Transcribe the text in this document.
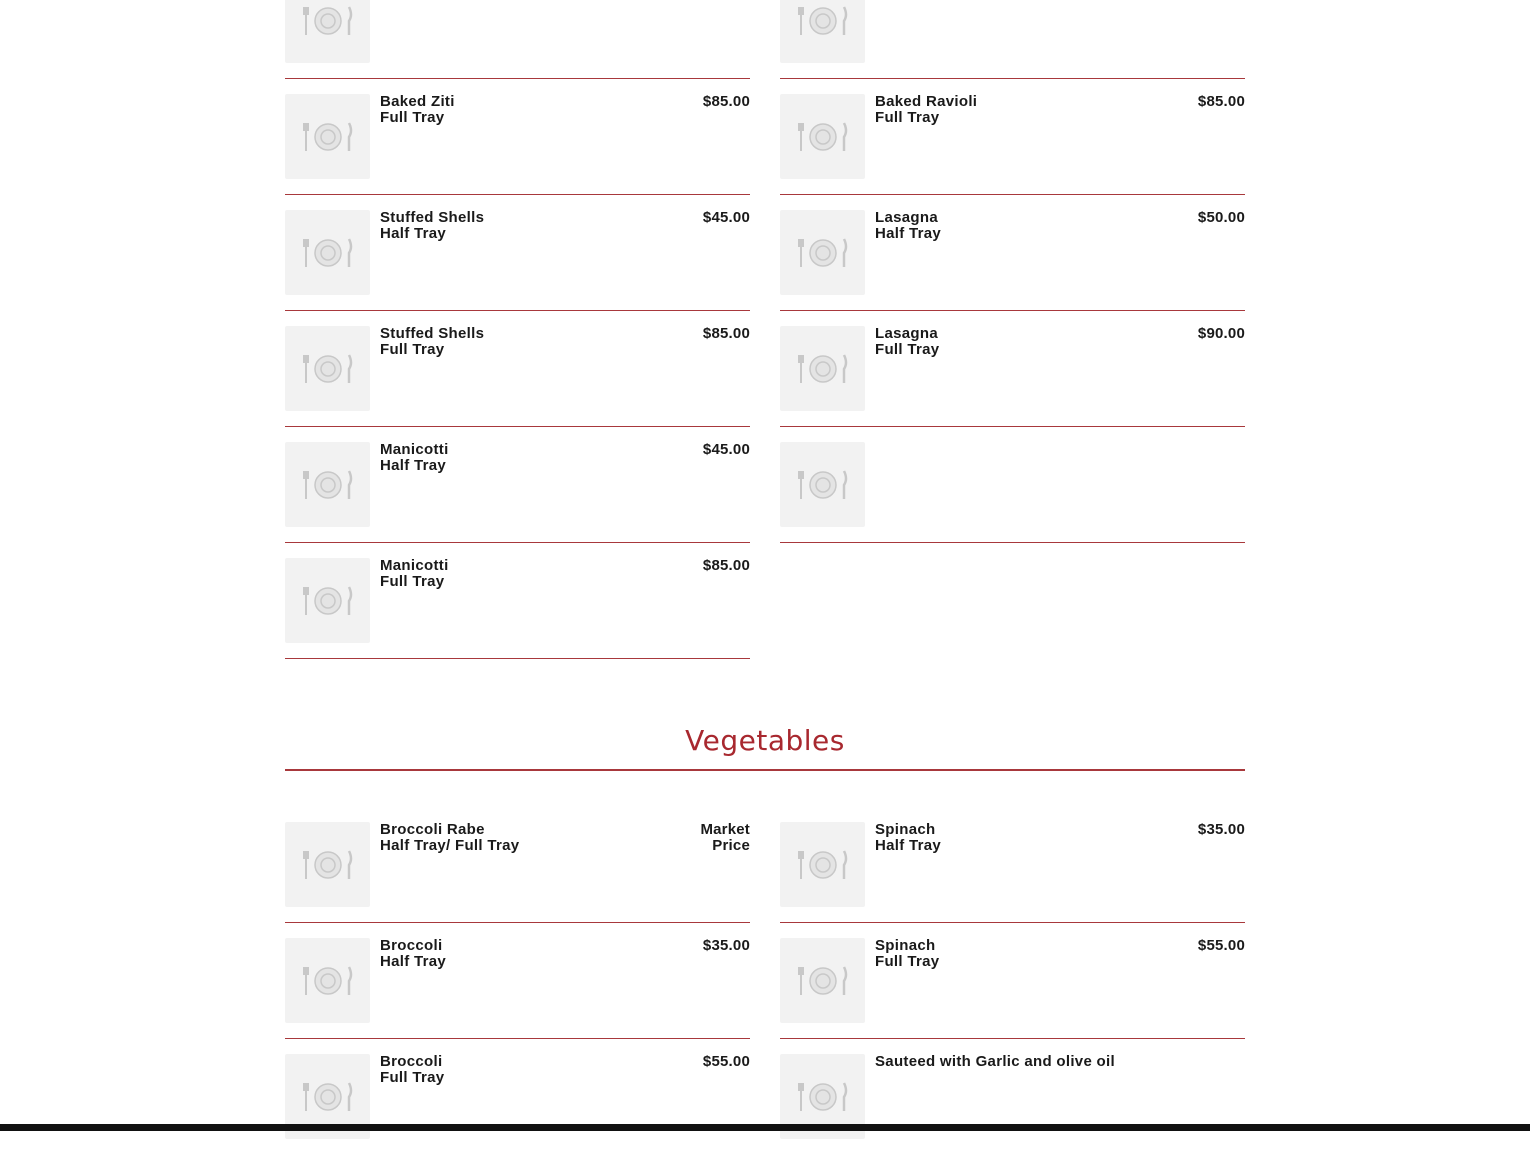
Baked Ziti
Full Tray
$85.00
Stuffed Shells
Half Tray
$45.00
Stuffed Shells
Full Tray
$85.00
Manicotti
Half Tray
$45.00
Manicotti
Full Tray
$85.00
Baked Ravioli
Full Tray
$85.00
Lasagna
Half Tray
$50.00
Lasagna
Full Tray
$90.00
Vegetables
Broccoli Rabe
Half Tray/ Full Tray
Market
Price
Broccoli
Half Tray
$35.00
Broccoli
Full Tray
$55.00
Spinach
Half Tray
$35.00
Spinach
Full Tray
$55.00
Sauteed with Garlic and olive oil
